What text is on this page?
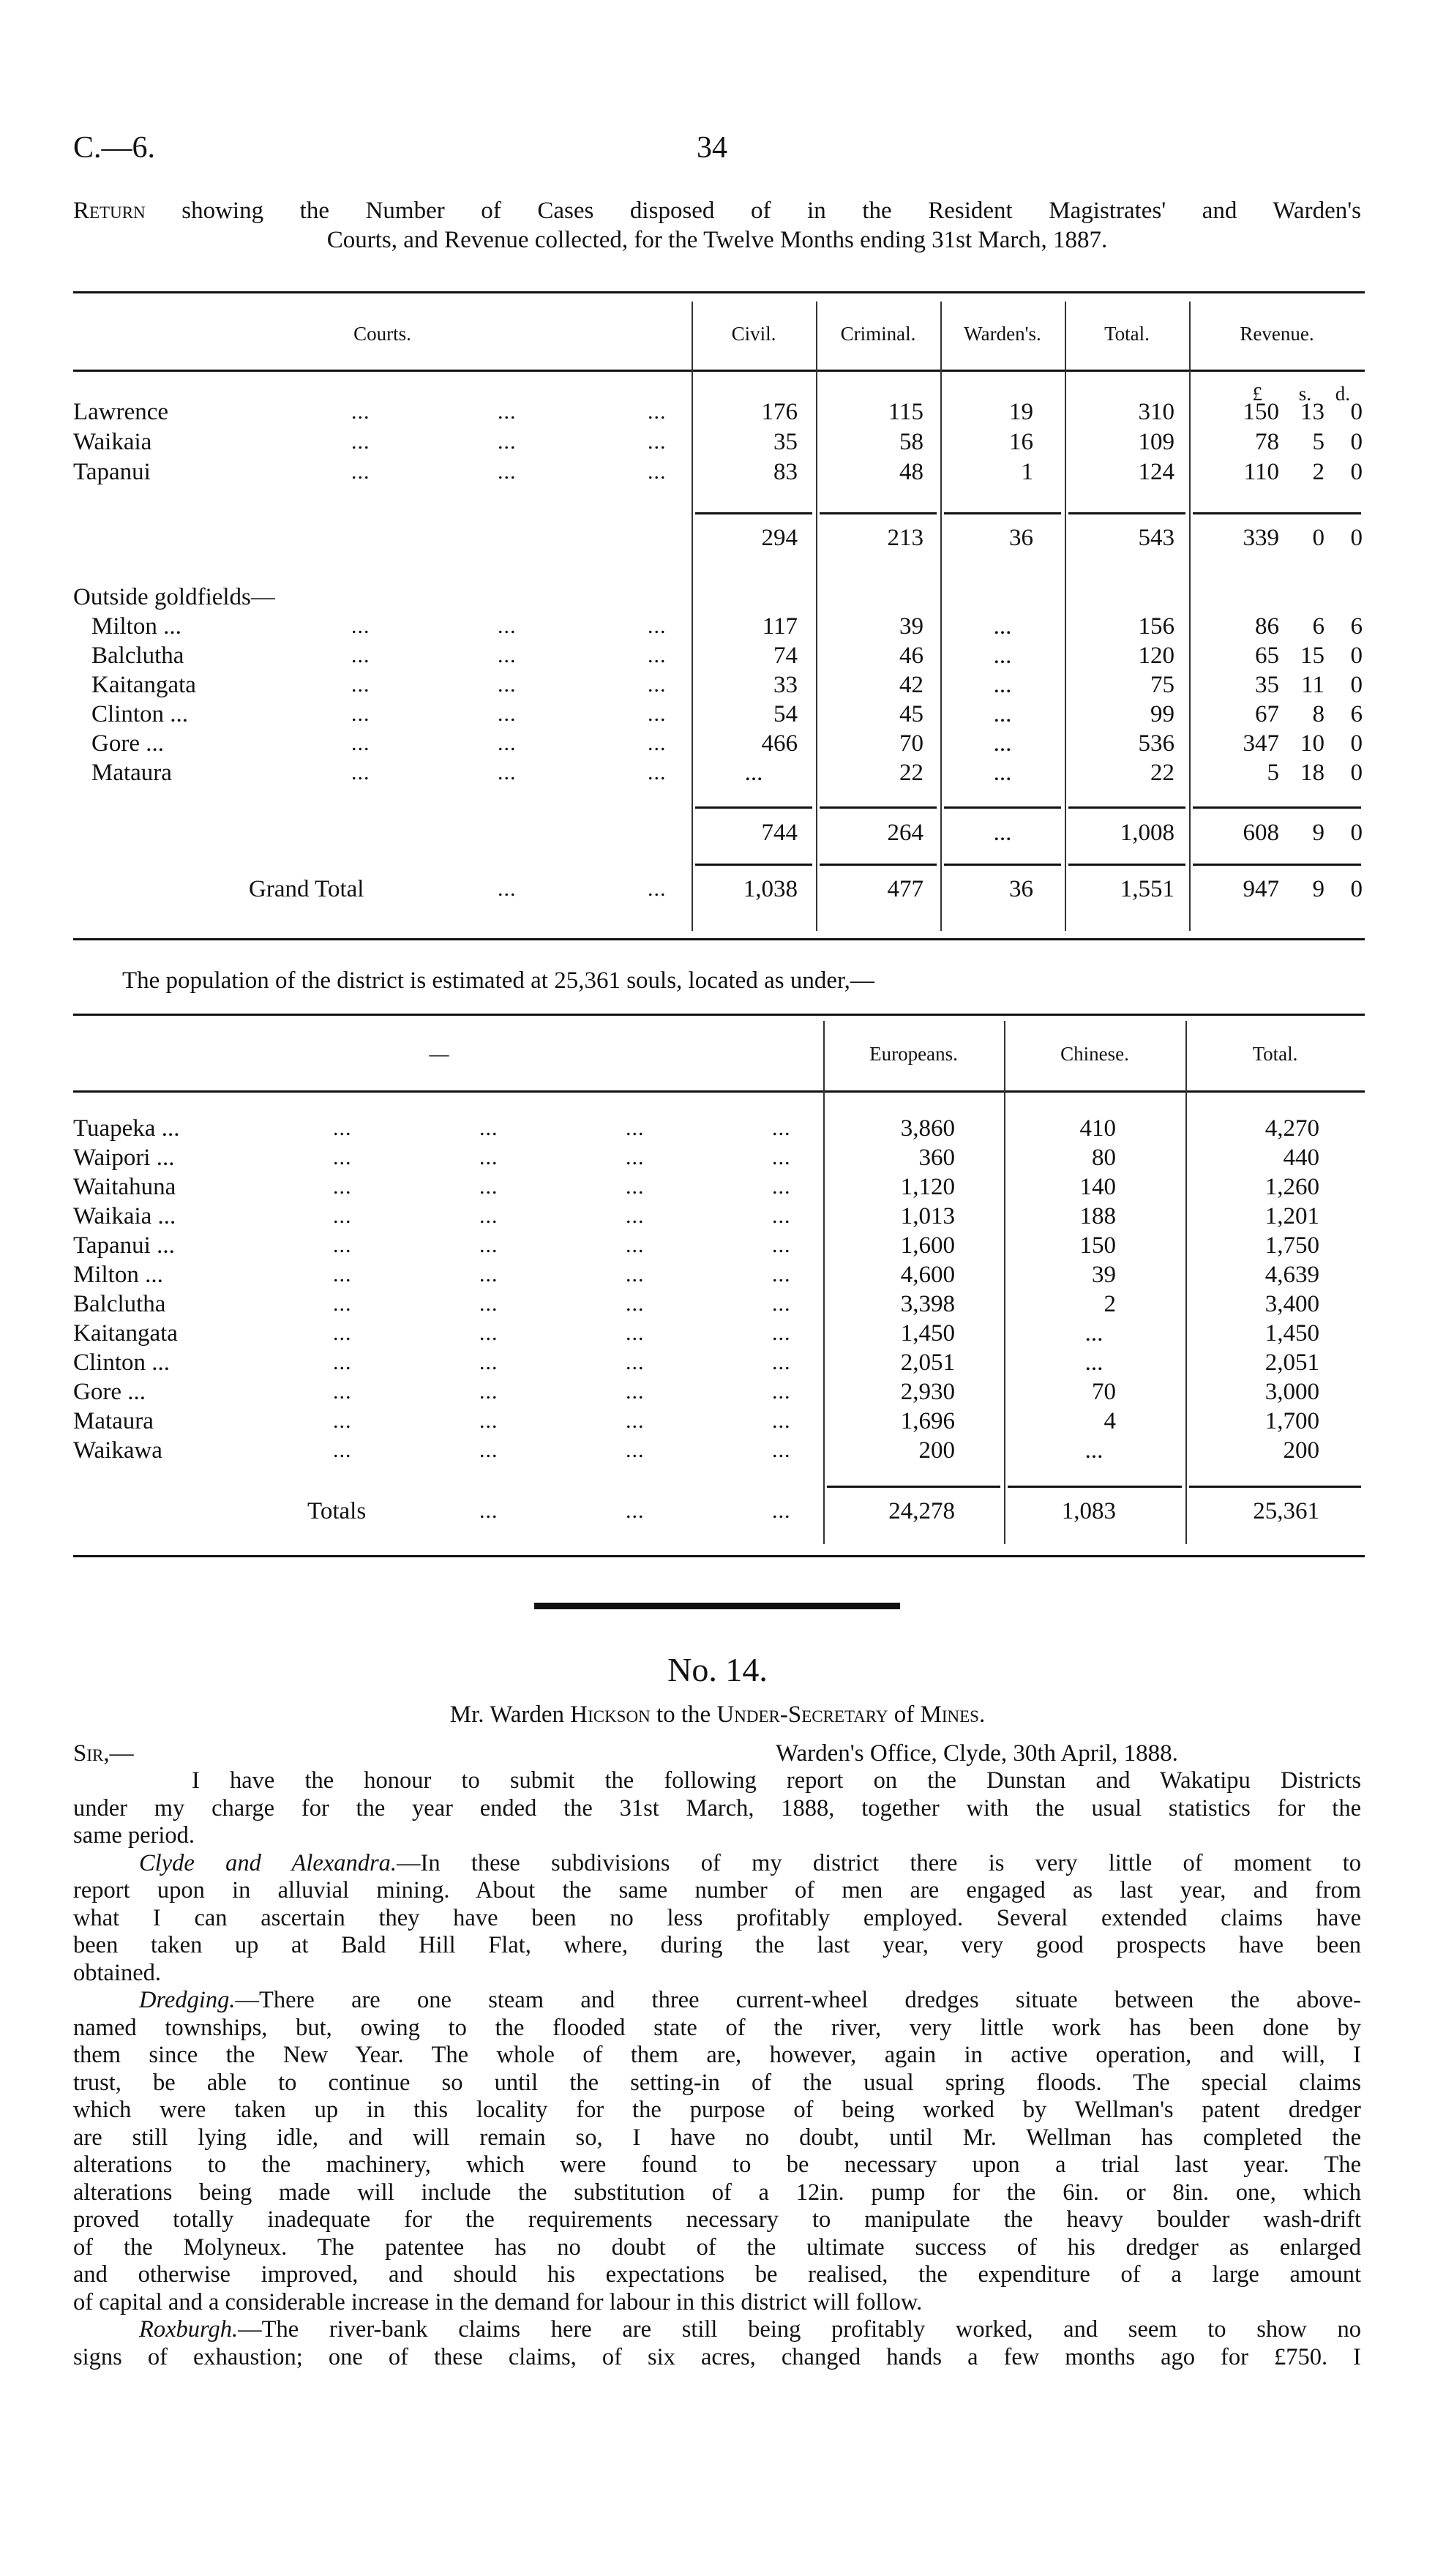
C.—6.	34
Return showing the Number of Cases disposed of in the Resident Magistrates' and Warden's
Courts, and Revenue collected, for the Twelve Months ending 31st March, 1887.
Courts.	Civil.	Criminal.	Warden's.	Total.	Revenue.
£	s.	d.
Lawrence	...	...	...	176	115	19	310	150 13	0
Waikaia	...	...	...	35	58	16	109	78	5	0
Tapanui	...	...	...	83	48	1	124	110	2	0
294	213	36	543	339	0	0
Outside goldfields—
Milton ...	...	...	...	117	39	...	156	86	6	6
Balclutha	...	...	...	74	46	...	120	65 15	0
Kaitangata	...	...	...	33	42	...	75	35 11	0
Clinton ...	...	...	...	54	45	...	99	67	8	6
Gore ...	...	...	...	466	70	...	536	347 10	0
Mataura	...	...	...	...	22	...	22	5 18	0
744	264	...	1,008	608	9	0
Grand Total	...	...	1,038	477	36	1,551	947	9	0
The population of the district is estimated at 25,361 souls, located as under,—
—	Europeans.	Chinese.	Total.
Tuapeka ...	...	...	...	...	3,860	410	4,270
Waipori ...	...	...	...	...	360	80	440
Waitahuna	...	...	...	...	1,120	140	1,260
Waikaia ...	...	...	...	...	1,013	188	1,201
Tapanui ...	...	...	...	...	1,600	150	1,750
Milton ...	...	...	...	...	4,600	39	4,639
Balclutha	...	...	...	...	3,398	2	3,400
Kaitangata	...	...	...	...	1,450	...	1,450
Clinton ...	...	...	...	...	2,051	...	2,051
Gore ...	...	...	...	...	2,930	70	3,000
Mataura	...	...	...	...	1,696	4	1,700
Waikawa	...	...	...	...	200	...	200
Totals	...	...	...	24,278	1,083	25,361
No. 14.
Mr. Warden Hickson to the Under-Secretary of Mines.
Sir,—	Warden's Office, Clyde, 30th April, 1888.
I have the honour to submit the following report on the Dunstan and Wakatipu Districts
under my charge for the year ended the 31st March, 1888, together with the usual statistics for the
same period.
Clyde and Alexandra.—In these subdivisions of my district there is very little of moment to
report upon in alluvial mining. About the same number of men are engaged as last year, and from
what I can ascertain they have been no less profitably employed. Several extended claims have
been taken up at Bald Hill Flat, where, during the last year, very good prospects have been
obtained.
Dredging.—There are one steam and three current-wheel dredges situate between the above-
named townships, but, owing to the flooded state of the river, very little work has been done by
them since the New Year. The whole of them are, however, again in active operation, and will, I
trust, be able to continue so until the setting-in of the usual spring floods. The special claims
which were taken up in this locality for the purpose of being worked by Wellman's patent dredger
are still lying idle, and will remain so, I have no doubt, until Mr. Wellman has completed the
alterations to the machinery, which were found to be necessary upon a trial last year. The
alterations being made will include the substitution of a 12in. pump for the 6in. or 8in. one, which
proved totally inadequate for the requirements necessary to manipulate the heavy boulder wash-drift
of the Molyneux. The patentee has no doubt of the ultimate success of his dredger as enlarged
and otherwise improved, and should his expectations be realised, the expenditure of a large amount
of capital and a considerable increase in the demand for labour in this district will follow.
Roxburgh.—The river-bank claims here are still being profitably worked, and seem to show no
signs of exhaustion; one of these claims, of six acres, changed hands a few months ago for £750. I
